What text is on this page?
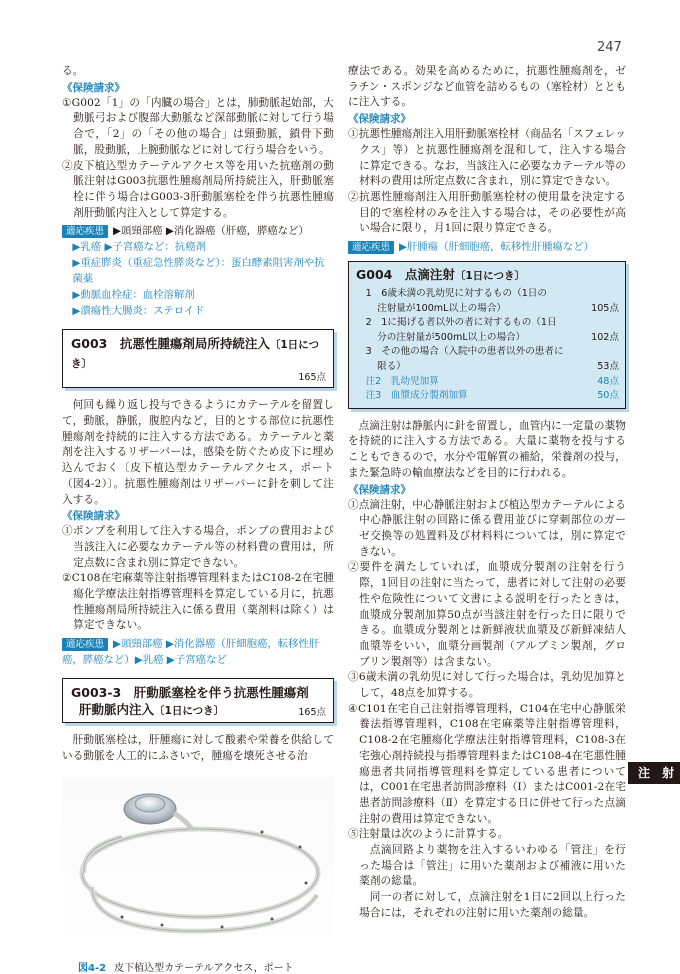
247

る。

《保険請求》

①G002「1」の「内臓の場合」とは，肺動脈起始部，大動脈弓および腹部大動脈など深部動脈に対して行う場合で，「2」の「その他の場合」は頸動脈，鎖骨下動脈，股動脈，上腕動脈などに対して行う場合をいう。

②皮下植込型カテーテルアクセス等を用いた抗癌剤の動脈注射はG003抗悪性腫瘍剤局所持続注入，肝動脈塞栓に伴う場合はG003-3肝動脈塞栓を伴う抗悪性腫瘍剤肝動脈内注入として算定する。

適応疾患 ▶頭頸部癌 ▶消化器癌（肝癌，膵癌など）
▶乳癌 ▶子宮癌など：抗癌剤
▶重症膵炎（重症急性膵炎など）：蛋白酵素阻害剤や抗菌薬
▶動脈血栓症：血栓溶解剤
▶潰瘍性大腸炎：ステロイド
G003　抗悪性腫瘍剤局所持続注入〔1日につき〕
165点

何回も繰り返し投与できるようにカテーテルを留置して，動脈，静脈，腹腔内など，目的とする部位に抗悪性腫瘍剤を持続的に注入する方法である。カテーテルと薬剤を注入するリザーバーは，感染を防ぐため皮下に埋め込んでおく〔皮下植込型カテーテルアクセス，ポート（図4-2）〕。抗悪性腫瘍剤はリザーバーに針を刺して注入する。

《保険請求》

①ポンプを利用して注入する場合，ポンプの費用および当該注入に必要なカテーテル等の材料費の費用は，所定点数に含まれ別に算定できない。

②C108在宅麻薬等注射指導管理料またはC108-2在宅腫瘍化学療法注射指導管理料を算定している月に，抗悪性腫瘍剤局所持続注入に係る費用（薬剤料は除く）は算定できない。

適応疾患 ▶頭頸部癌 ▶消化器癌（肝細胞癌，転移性肝癌，膵癌など）▶乳癌 ▶子宮癌など
G003-3　肝動脈塞栓を伴う抗悪性腫瘍剤
肝動脈内注入〔1日につき〕	165点

肝動脈塞栓は，肝腫瘍に対して酸素や栄養を供給している動脈を人工的にふさいで，腫瘍を壊死させる治

図4-2 皮下植込型カテーテルアクセス，ポート

療法である。効果を高めるために，抗悪性腫瘍剤を，ゼラチン・スポンジなど血管を詰めるもの（塞栓材）とともに注入する。

《保険請求》

①抗悪性腫瘍剤注入用肝動脈塞栓材（商品名「スフェレックス」等）と抗悪性腫瘍剤を混和して，注入する場合に算定できる。なお，当該注入に必要なカテーテル等の材料の費用は所定点数に含まれ，別に算定できない。

②抗悪性腫瘍剤注入用肝動脈塞栓材の使用量を決定する目的で塞栓材のみを注入する場合は，その必要性が高い場合に限り，月1回に限り算定できる。

適応疾患 ▶肝腫瘍（肝細胞癌，転移性肝腫瘍など）
G004　点滴注射〔1日につき〕
1　6歳未満の乳幼児に対するもの（1日の
注射量が100mL以上の場合）	105点
2　1に掲げる者以外の者に対するもの（1日
分の注射量が500mL以上の場合）	102点
3　その他の場合（入院中の患者以外の患者に
限る）	53点
注2　乳幼児加算	48点
注3　血漿成分製剤加算	50点

点滴注射は静脈内に針を留置し，血管内に一定量の薬物を持続的に注入する方法である。大量に薬物を投与することもできるので，水分や電解質の補給，栄養剤の投与，また緊急時の輸血療法などを目的に行われる。

《保険請求》

①点滴注射，中心静脈注射および植込型カテーテルによる中心静脈注射の回路に係る費用並びに穿刺部位のガーゼ交換等の処置料及び材料料については，別に算定できない。

②要件を満たしていれば，血漿成分製剤の注射を行う際，1回目の注射に当たって，患者に対して注射の必要性や危険性について文書による説明を行ったときは，血漿成分製剤加算50点が当該注射を行った日に限りできる。血漿成分製剤とは新鮮液状血漿及び新鮮凍結人血漿等をいい，血漿分画製剤（アルブミン製剤，グロブリン製剤等）は含まない。

③6歳未満の乳幼児に対して行った場合は，乳幼児加算として，48点を加算する。

④C101在宅自己注射指導管理料，C104在宅中心静脈栄養法指導管理料，C108在宅麻薬等注射指導管理料，C108-2在宅腫瘍化学療法注射指導管理料，C108-3在宅強心剤持続投与指導管理料またはC108-4在宅悪性腫瘍患者共同指導管理料を算定している患者については，C001在宅患者訪問診療料（Ⅰ）またはC001-2在宅患者訪問診療料（Ⅱ）を算定する日に併せて行った点滴注射の費用は算定できない。

⑤注射量は次のように計算する。

点滴回路より薬物を注入するいわゆる「管注」を行った場合は「管注」に用いた薬剤および補液に用いた薬剤の総量。

同一の者に対して，点滴注射を1日に2回以上行った場合には，それぞれの注射に用いた薬剤の総量。

注 射
